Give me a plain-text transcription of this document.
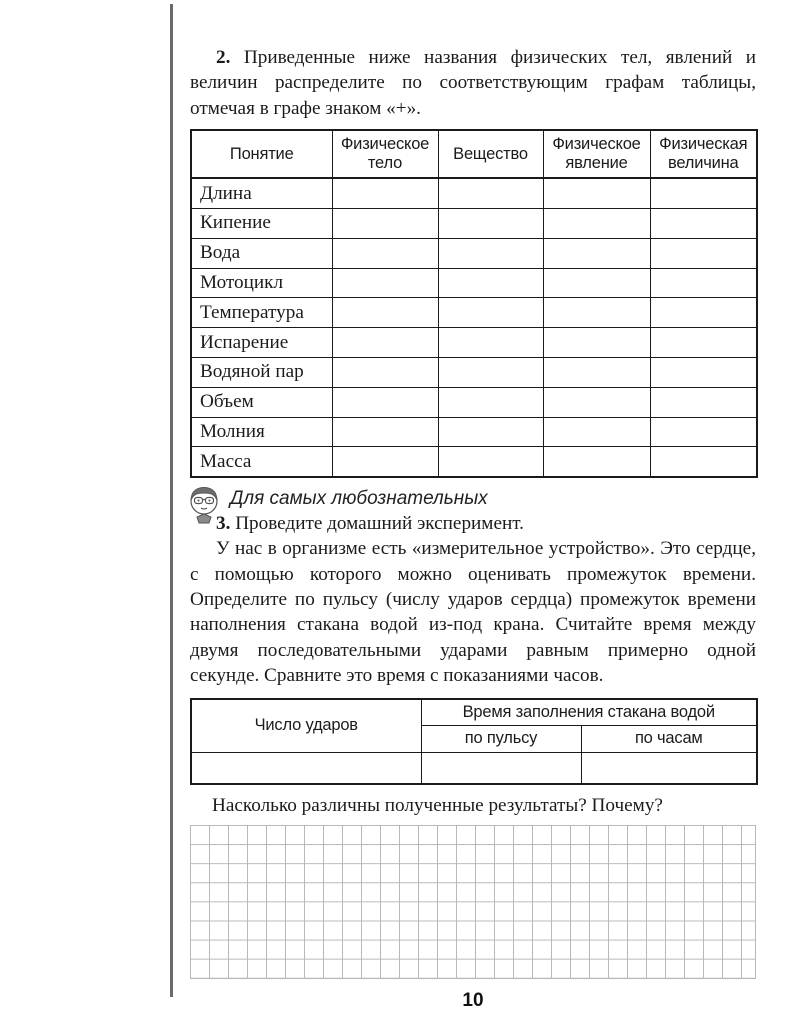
2. Приведенные ниже названия физических тел, явлений и величин распределите по соответствующим графам таблицы, отмечая в графе знаком «+».

Понятие	Физическое тело	Вещество	Физическое явление	Физическая величина
Длина				
Кипение				
Вода				
Мотоцикл				
Температура				
Испарение				
Водяной пар				
Объем				
Молния				
Масса				
Для самых любознательных

3. Проведите домашний эксперимент.

У нас в организме есть «измерительное устройство». Это сердце, с помощью которого можно оценивать промежуток времени. Определите по пульсу (числу ударов сердца) промежуток времени наполнения стакана водой из-под крана. Считайте время между двумя последовательными ударами равным примерно одной секунде. Сравните это время с показаниями часов.

Число ударов	Время заполнения стакана водой	
	по пульсу	по часам

Насколько различны полученные результаты? Почему?

10
